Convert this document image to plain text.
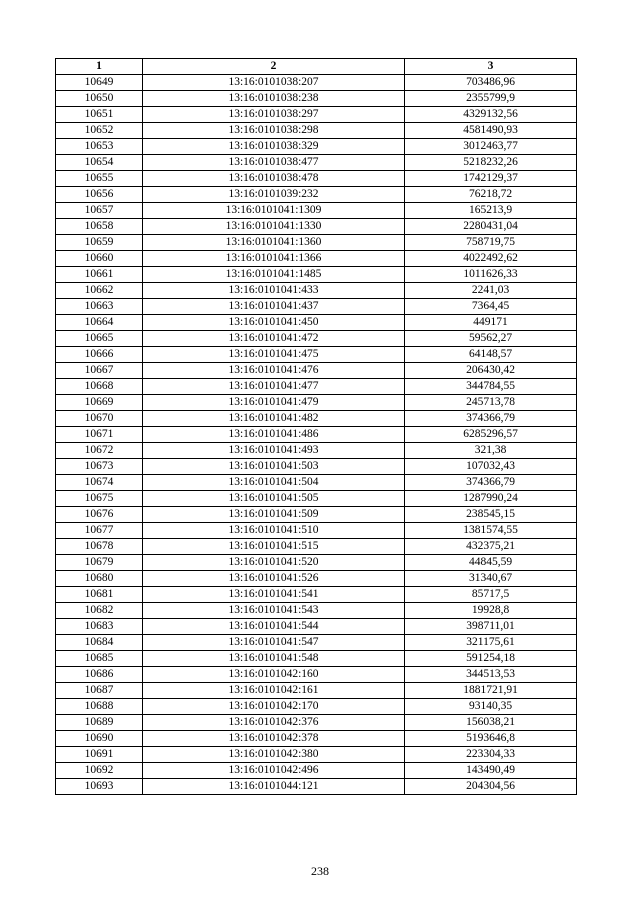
1	2	3
10649	13:16:0101038:207	703486,96
10650	13:16:0101038:238	2355799,9
10651	13:16:0101038:297	4329132,56
10652	13:16:0101038:298	4581490,93
10653	13:16:0101038:329	3012463,77
10654	13:16:0101038:477	5218232,26
10655	13:16:0101038:478	1742129,37
10656	13:16:0101039:232	76218,72
10657	13:16:0101041:1309	165213,9
10658	13:16:0101041:1330	2280431,04
10659	13:16:0101041:1360	758719,75
10660	13:16:0101041:1366	4022492,62
10661	13:16:0101041:1485	1011626,33
10662	13:16:0101041:433	2241,03
10663	13:16:0101041:437	7364,45
10664	13:16:0101041:450	449171
10665	13:16:0101041:472	59562,27
10666	13:16:0101041:475	64148,57
10667	13:16:0101041:476	206430,42
10668	13:16:0101041:477	344784,55
10669	13:16:0101041:479	245713,78
10670	13:16:0101041:482	374366,79
10671	13:16:0101041:486	6285296,57
10672	13:16:0101041:493	321,38
10673	13:16:0101041:503	107032,43
10674	13:16:0101041:504	374366,79
10675	13:16:0101041:505	1287990,24
10676	13:16:0101041:509	238545,15
10677	13:16:0101041:510	1381574,55
10678	13:16:0101041:515	432375,21
10679	13:16:0101041:520	44845,59
10680	13:16:0101041:526	31340,67
10681	13:16:0101041:541	85717,5
10682	13:16:0101041:543	19928,8
10683	13:16:0101041:544	398711,01
10684	13:16:0101041:547	321175,61
10685	13:16:0101041:548	591254,18
10686	13:16:0101042:160	344513,53
10687	13:16:0101042:161	1881721,91
10688	13:16:0101042:170	93140,35
10689	13:16:0101042:376	156038,21
10690	13:16:0101042:378	5193646,8
10691	13:16:0101042:380	223304,33
10692	13:16:0101042:496	143490,49
10693	13:16:0101044:121	204304,56
238
